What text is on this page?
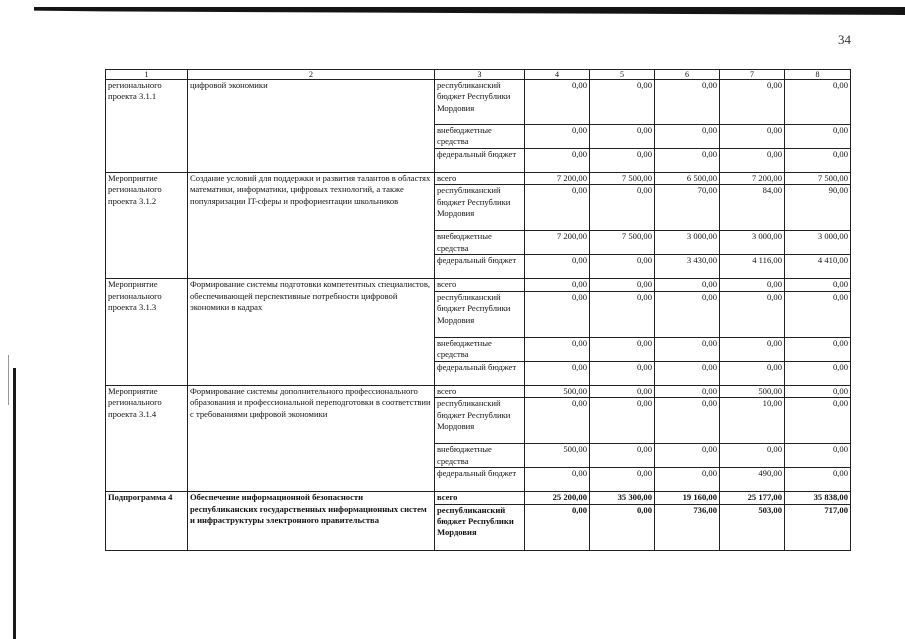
34
1	2	3	4	5	6	7	8
регионального проекта 3.1.1	цифровой экономики	республиканский бюджет Республики Мордовия	0,00	0,00	0,00	0,00	0,00
		внебюджетные средства	0,00	0,00	0,00	0,00	0,00
		федеральный бюджет	0,00	0,00	0,00	0,00	0,00
Мероприятие регионального проекта 3.1.2	Создание условий для поддержки и развития талантов в областях математики, информатики, цифровых технологий, а также популяризации IT-сферы и профориентации школьников	всего	7 200,00	7 500,00	6 500,00	7 200,00	7 500,00
		республиканский бюджет Республики Мордовия	0,00	0,00	70,00	84,00	90,00
		внебюджетные средства	7 200,00	7 500,00	3 000,00	3 000,00	3 000,00
		федеральный бюджет	0,00	0,00	3 430,00	4 116,00	4 410,00
Мероприятие регионального проекта 3.1.3	Формирование системы подготовки компетентных специалистов, обеспечивающей перспективные потребности цифровой экономики в кадрах	всего	0,00	0,00	0,00	0,00	0,00
		республиканский бюджет Республики Мордовия	0,00	0,00	0,00	0,00	0,00
		внебюджетные средства	0,00	0,00	0,00	0,00	0,00
		федеральный бюджет	0,00	0,00	0,00	0,00	0,00
Мероприятие регионального проекта 3.1.4	Формирование системы дополнительного профессионального образования и профессиональной переподготовки в соответствии с требованиями цифровой экономики	всего	500,00	0,00	0,00	500,00	0,00
		республиканский бюджет Республики Мордовия	0,00	0,00	0,00	10,00	0,00
		внебюджетные средства	500,00	0,00	0,00	0,00	0,00
		федеральный бюджет	0,00	0,00	0,00	490,00	0,00
Подпрограмма 4	Обеспечение информационной безопасности республиканских государственных информационных систем и инфраструктуры электронного правительства	всего	25 200,00	35 300,00	19 160,00	25 177,00	35 838,00
		республиканский бюджет Республики Мордовия	0,00	0,00	736,00	503,00	717,00
